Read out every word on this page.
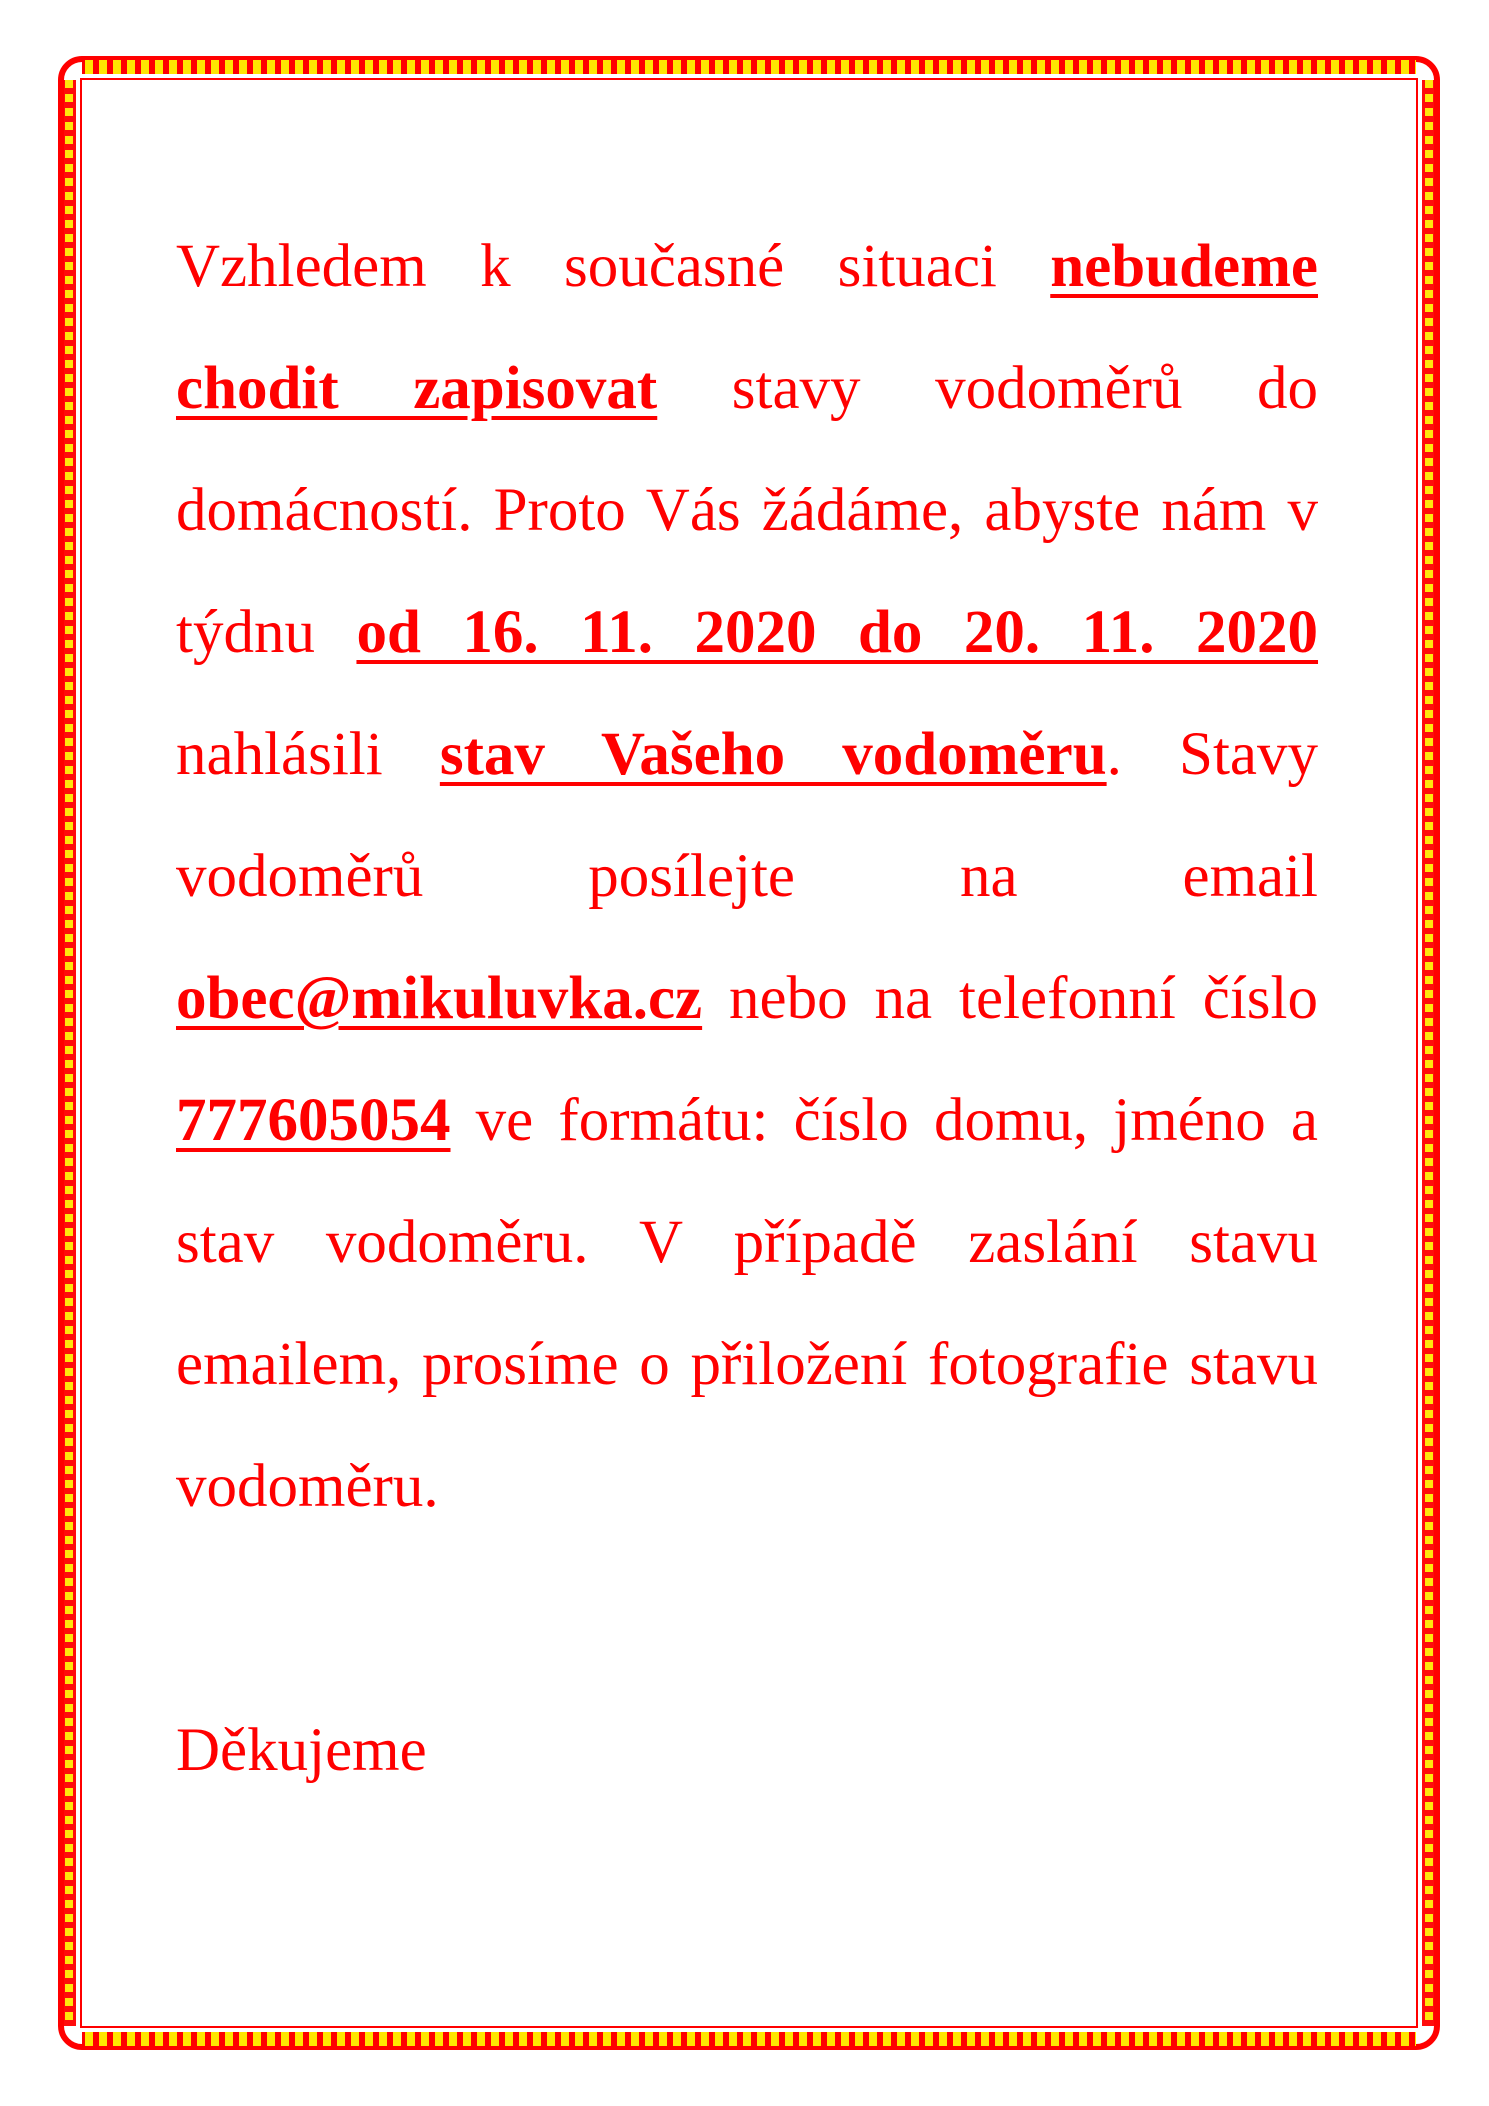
Vzhledem k současné situaci nebudeme chodit zapisovat stavy vodoměrů do domácností. Proto Vás žádáme, abyste nám v týdnu od 16. 11. 2020 do 20. 11. 2020 nahlásili stav Vašeho vodoměru. Stavy vodoměrů posílejte na email obec@mikuluvka.cz nebo na telefonní číslo 777605054 ve formátu: číslo domu, jméno a stav vodoměru. V případě zaslání stavu emailem, prosíme o přiložení fotografie stavu vodoměru.

Děkujeme
